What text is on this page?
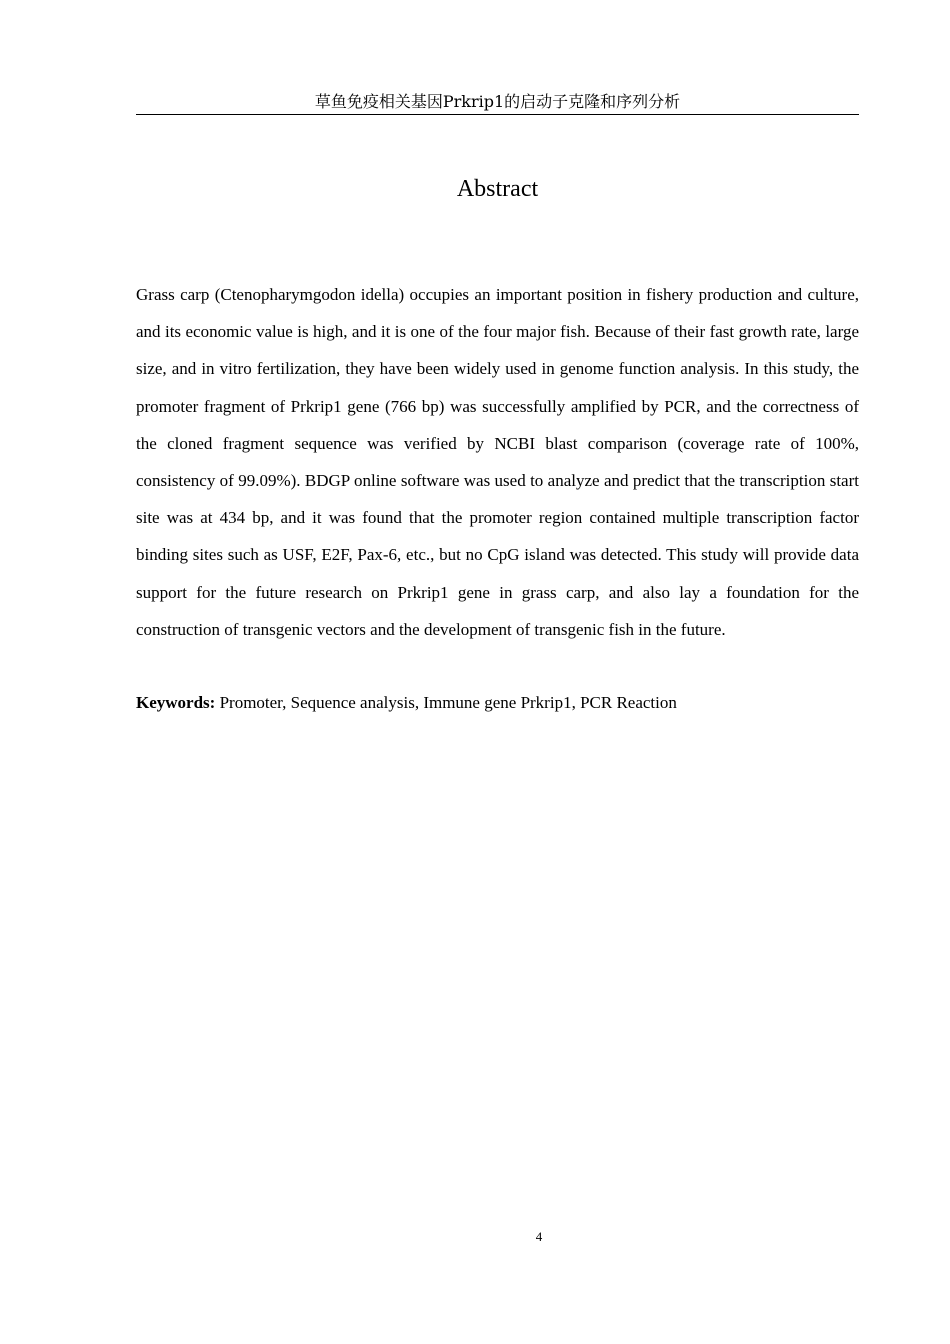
草鱼免疫相关基因Prkrip1的启动子克隆和序列分析
Abstract

Grass carp (Ctenopharymgodon idella) occupies an important position in fishery production and culture, and its economic value is high, and it is one of the four major fish. Because of their fast growth rate, large size, and in vitro fertilization, they have been widely used in genome function analysis. In this study, the promoter fragment of Prkrip1 gene (766 bp) was successfully amplified by PCR, and the correctness of the cloned fragment sequence was verified by NCBI blast comparison (coverage rate of 100%, consistency of 99.09%). BDGP online software was used to analyze and predict that the transcription start site was at 434 bp, and it was found that the promoter region contained multiple transcription factor binding sites such as USF, E2F, Pax-6, etc., but no CpG island was detected. This study will provide data support for the future research on Prkrip1 gene in grass carp, and also lay a foundation for the construction of transgenic vectors and the development of transgenic fish in the future.

Keywords: Promoter, Sequence analysis, Immune gene Prkrip1, PCR Reaction

4
